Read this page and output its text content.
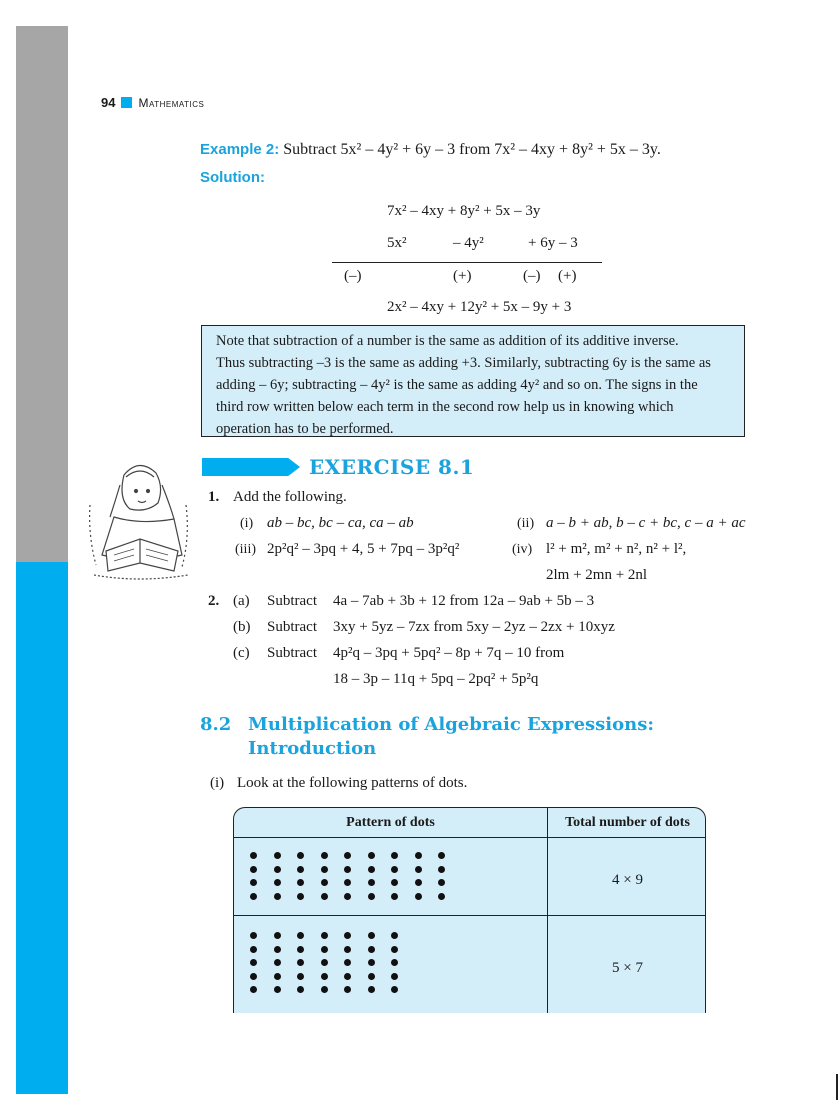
94 Mathematics
Example 2: Subtract 5x² – 4y² + 6y – 3 from 7x² – 4xy + 8y² + 5x – 3y.
Solution:
7x² – 4xy + 8y² + 5x – 3y
5x²	– 4y²	+ 6y – 3
(–)	(+)	(–) (+)
2x² – 4xy + 12y² + 5x – 9y + 3
Note that subtraction of a number is the same as addition of its additive inverse.
Thus subtracting –3 is the same as adding +3. Similarly, subtracting 6y is the same as
adding – 6y; subtracting – 4y² is the same as adding 4y² and so on. The signs in the
third row written below each term in the second row help us in knowing which
operation has to be performed.
EXERCISE 8.1
1. Add the following.
(i) ab – bc, bc – ca, ca – ab	(ii) a – b + ab, b – c + bc, c – a + ac
(iii) 2p²q² – 3pq + 4, 5 + 7pq – 3p²q²	(iv) l² + m², m² + n², n² + l²,
2lm + 2mn + 2nl
2. (a) Subtract 4a – 7ab + 3b + 12 from 12a – 9ab + 5b – 3
(b) Subtract 3xy + 5yz – 7zx from 5xy – 2yz – 2zx + 10xyz
(c) Subtract 4p²q – 3pq + 5pq² – 8p + 7q – 10 from
18 – 3p – 11q + 5pq – 2pq² + 5p²q
8.2 Multiplication of Algebraic Expressions:
Introduction
(i) Look at the following patterns of dots.
Pattern of dots	Total number of dots
4 × 9
5 × 7
